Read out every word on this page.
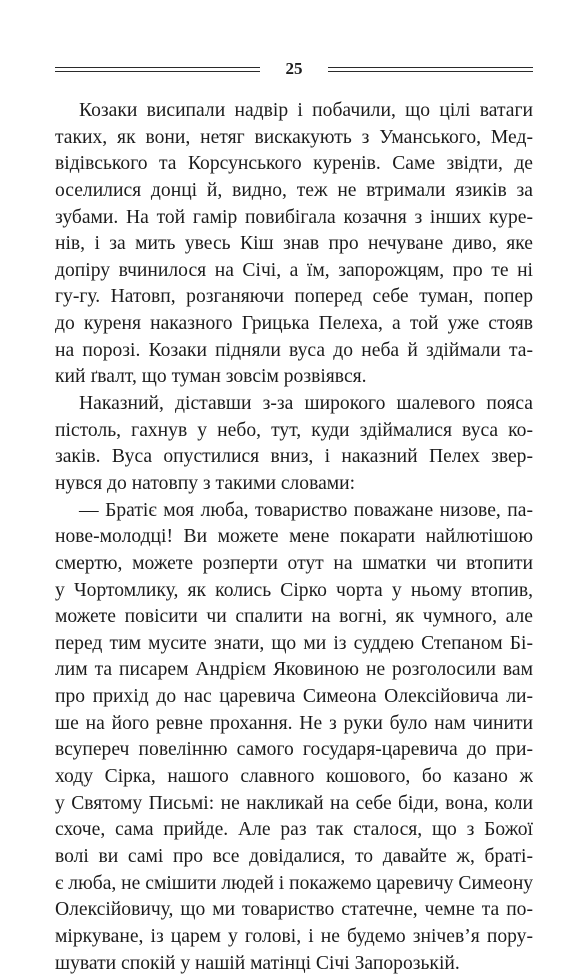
25
Козаки висипали надвір і побачили, що цілі ватаги
таких, як вони, нетяг вискакують з Уманського, Мед-
відівського та Корсунського куренів. Саме звідти, де
оселилися донці й, видно, теж не втримали язиків за
зубами. На той гамір повибігала козачня з інших курe-
нів, і за мить увесь Кіш знав про нечуване диво, яке
допіру вчинилося на Січі, а їм, запорожцям, про те ні
гу-гу. Натовп, розганяючи поперед себе туман, попер
до куреня наказного Грицька Пелеха, а той уже стояв
на порозі. Козаки підняли вуса до неба й здіймали та-
кий ґвалт, що туман зовсім розвіявся.
Наказний, діставши з-за широкого шалевого пояса
пістоль, гахнув у небо, тут, куди здіймалися вуса ко-
заків. Вуса опустилися вниз, і наказний Пелех звер-
нувся до натовпу з такими словами:
— Братіє моя люба, товариство поважане низове, па-
нове-молодці! Ви можете мене покарати найлютішою
смертю, можете розперти отут на шматки чи втопити
у Чортомлику, як колись Сірко чорта у ньому втопив,
можете повісити чи спалити на вогні, як чумного, але
перед тим мусите знати, що ми із суддею Степаном Бі-
лим та писарем Андрієм Яковиною не розголосили вам
про прихід до нас царевича Симеона Олексійовича ли-
ше на його ревне прохання. Не з руки було нам чинити
всупереч повелінню самого государя-царевича до при-
ходу Сірка, нашого славного кошового, бо казано ж
у Святому Письмі: не накликай на себе біди, вона, коли
схоче, сама прийде. Але раз так сталося, що з Божої
волі ви самі про все довідалися, то давайте ж, браті-
є люба, не смішити людей і покажемо царевичу Симеону
Олексійовичу, що ми товариство статечне, чемне та по-
міркуване, із царем у голові, і не будемо знічев’я пору-
шувати спокій у нашій матінці Січі Запорозькій.
